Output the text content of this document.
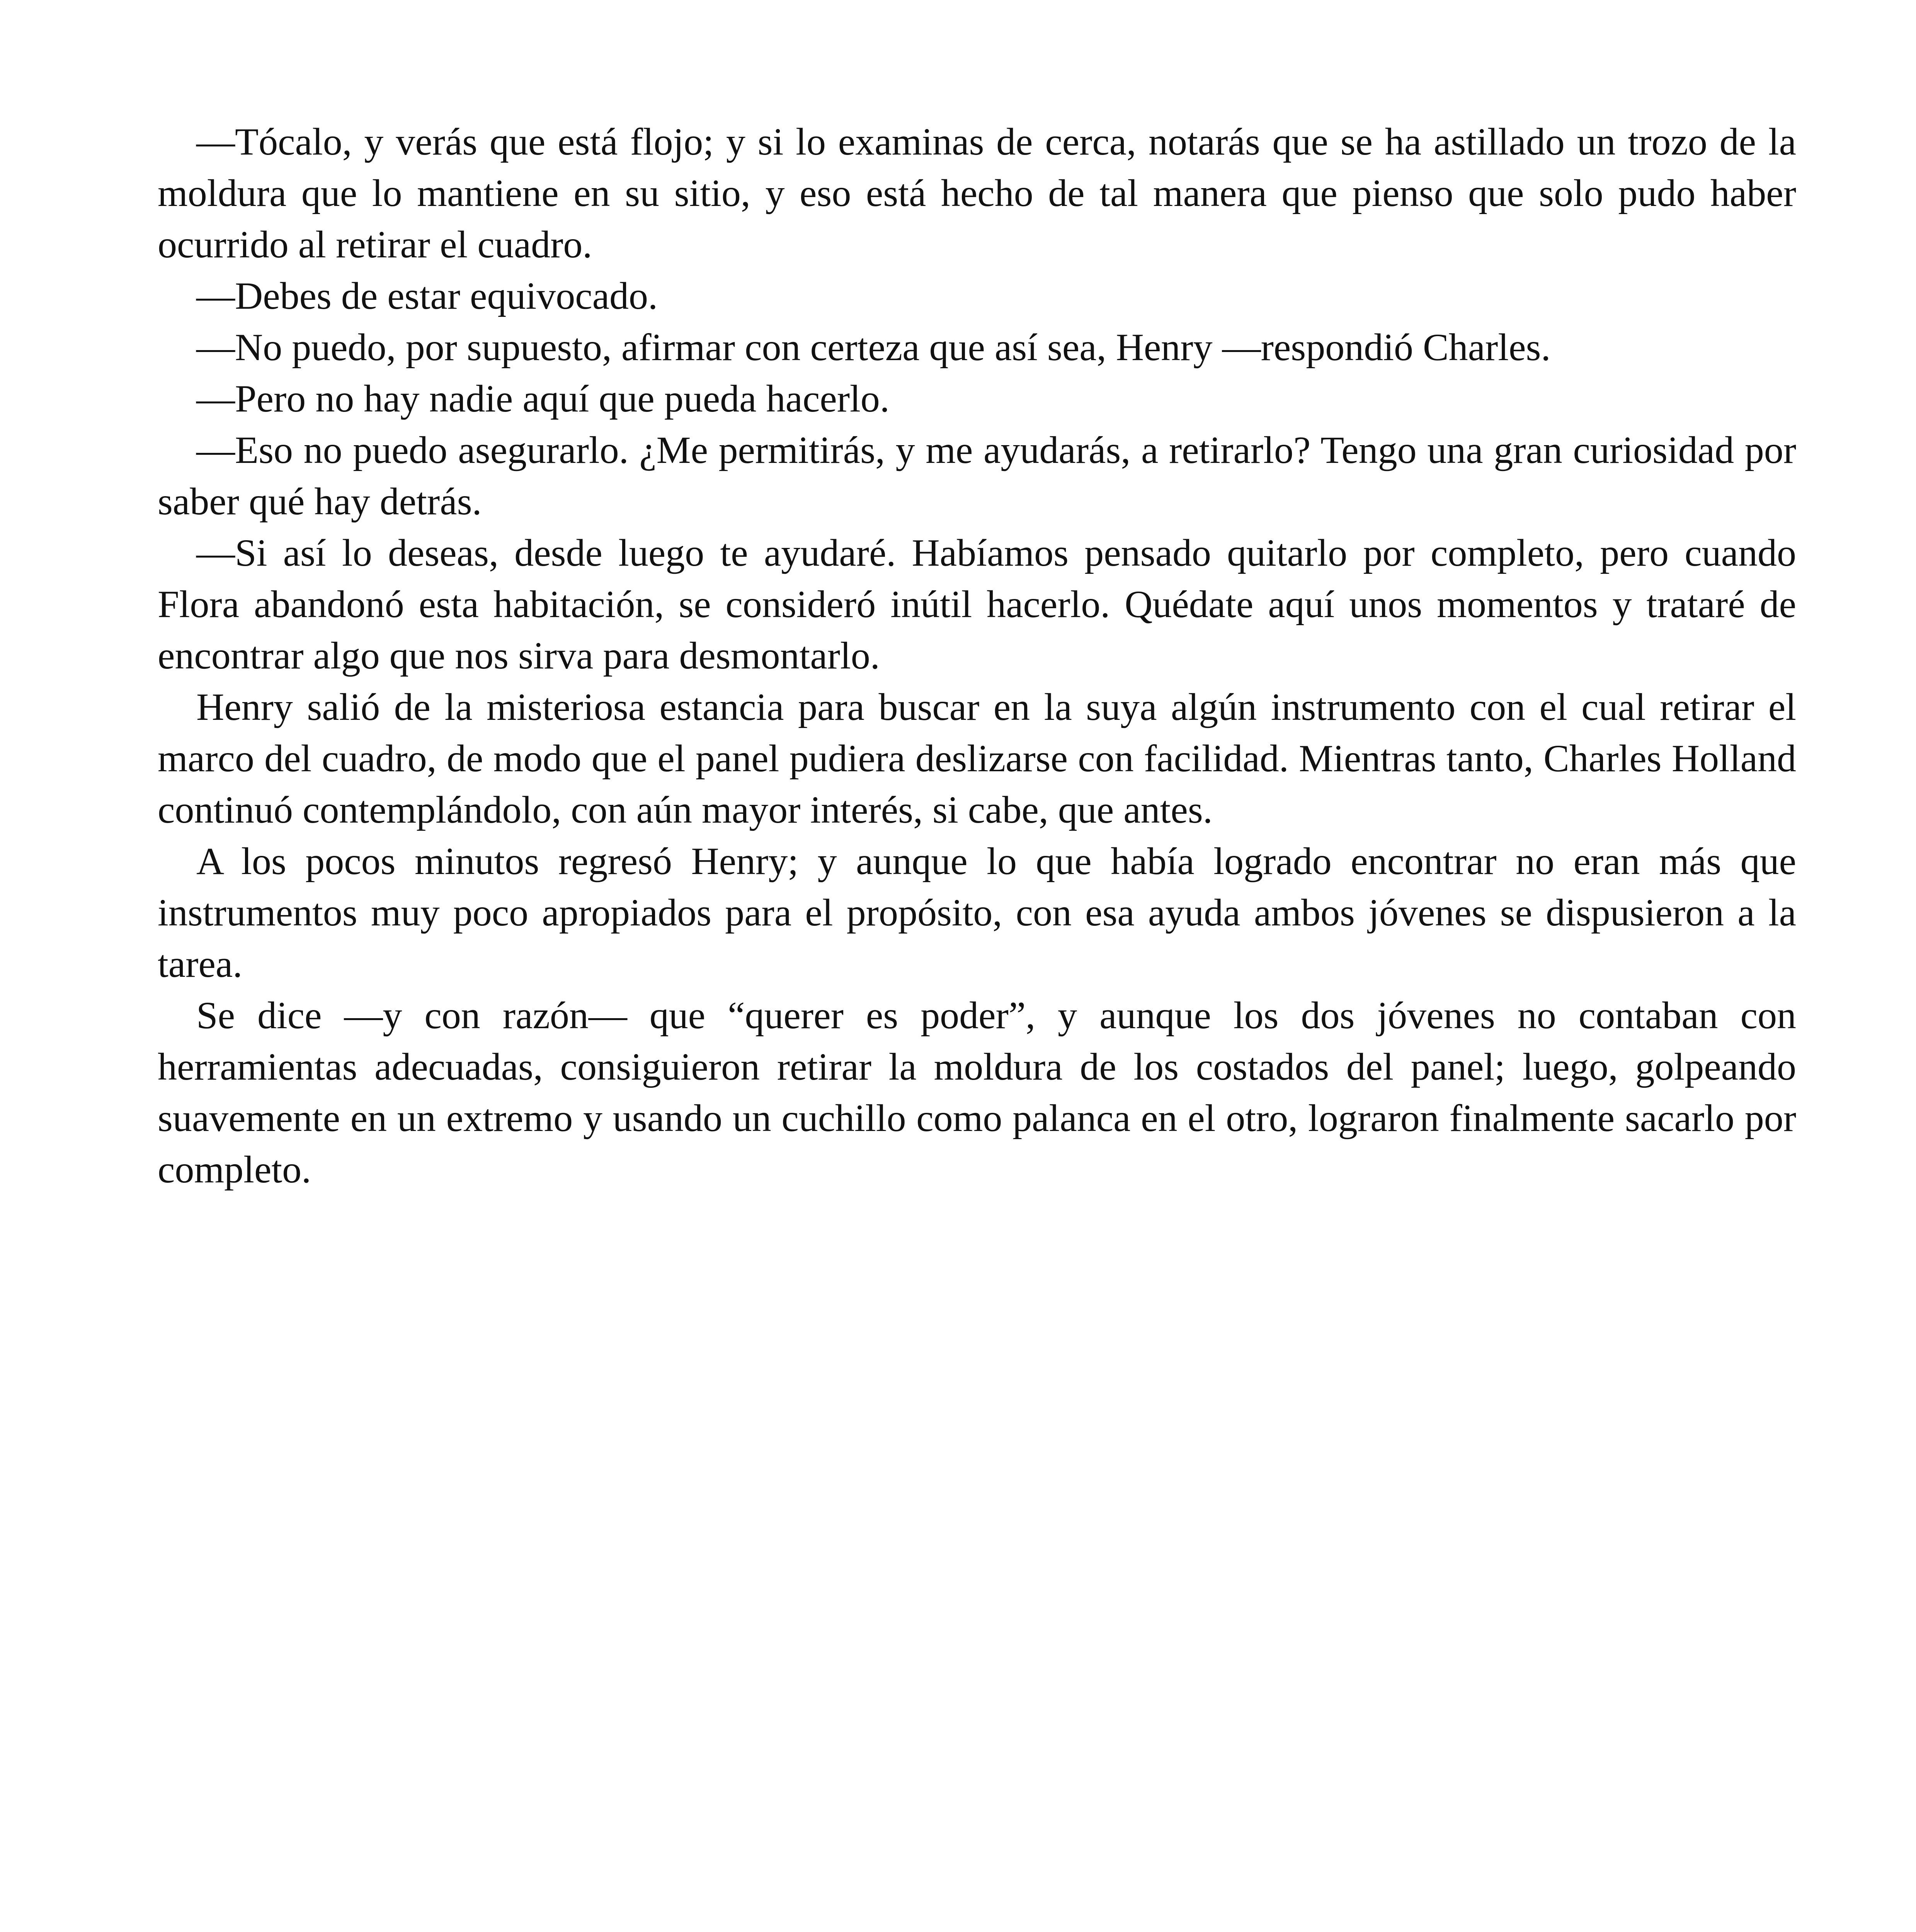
—Tócalo, y verás que está flojo; y si lo examinas de cerca, notarás que se ha astillado un trozo de la moldura que lo mantiene en su sitio, y eso está hecho de tal manera que pienso que solo pudo haber ocurrido al retirar el cuadro.

—Debes de estar equivocado.

—No puedo, por supuesto, afirmar con certeza que así sea, Henry —respondió Charles.

—Pero no hay nadie aquí que pueda hacerlo.

—Eso no puedo asegurarlo. ¿Me permitirás, y me ayudarás, a retirarlo? Tengo una gran curiosidad por saber qué hay detrás.

—Si así lo deseas, desde luego te ayudaré. Habíamos pensado quitarlo por completo, pero cuando Flora abandonó esta habitación, se consideró inútil hacerlo. Quédate aquí unos momentos y trataré de encontrar algo que nos sirva para desmontarlo.

Henry salió de la misteriosa estancia para buscar en la suya algún instrumento con el cual retirar el marco del cuadro, de modo que el panel pudiera deslizarse con facilidad. Mientras tanto, Charles Holland continuó contemplándolo, con aún mayor interés, si cabe, que antes.

A los pocos minutos regresó Henry; y aunque lo que había logrado encontrar no eran más que instrumentos muy poco apropiados para el propósito, con esa ayuda ambos jóvenes se dispusieron a la tarea.

Se dice —y con razón— que “querer es poder”, y aunque los dos jóvenes no contaban con herramientas adecuadas, consiguieron retirar la moldura de los costados del panel; luego, golpeando suavemente en un extremo y usando un cuchillo como palanca en el otro, lograron finalmente sacarlo por completo.
